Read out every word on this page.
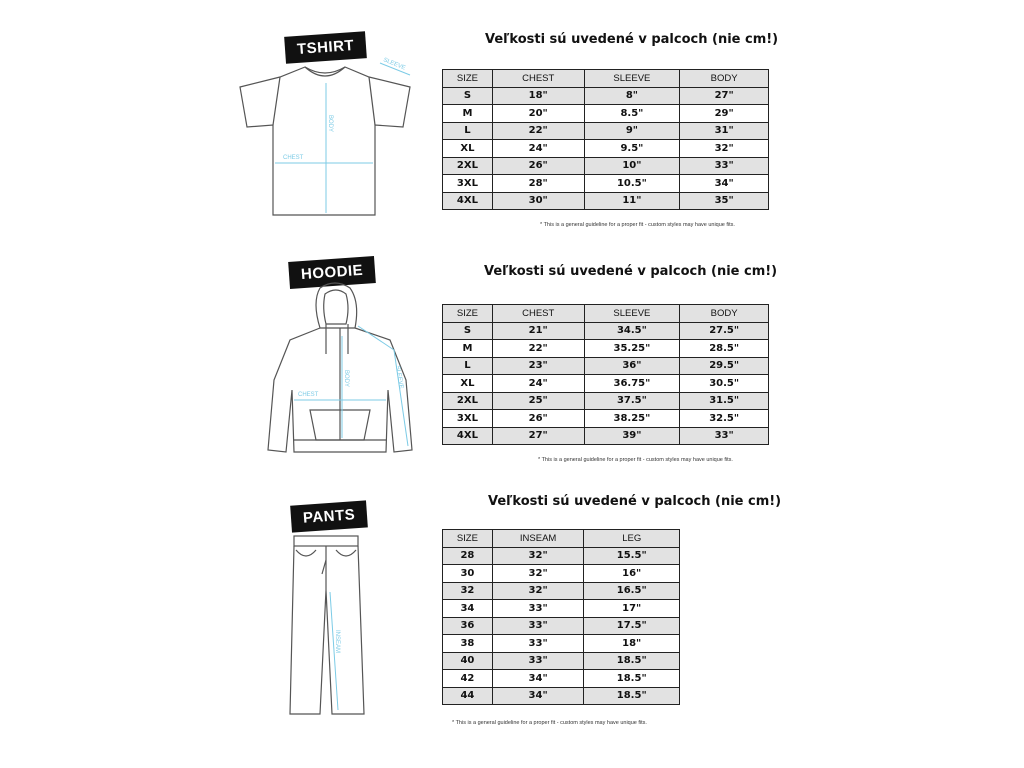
TSHIRT
CHEST
BODY
SLEEVE
Veľkosti sú uvedené v palcoch (nie cm!)
SIZE	CHEST	SLEEVE	BODY
S	18"	8"	27"
M	20"	8.5"	29"
L	22"	9"	31"
XL	24"	9.5"	32"
2XL	26"	10"	33"
3XL	28"	10.5"	34"
4XL	30"	11"	35"
* This is a general guideline for a proper fit - custom styles may have unique fits.
HOODIE
CHEST
BODY	SLEEVE
Veľkosti sú uvedené v palcoch (nie cm!)
SIZE	CHEST	SLEEVE	BODY
S	21"	34.5"	27.5"
M	22"	35.25"	28.5"
L	23"	36"	29.5"
XL	24"	36.75"	30.5"
2XL	25"	37.5"	31.5"
3XL	26"	38.25"	32.5"
4XL	27"	39"	33"
* This is a general guideline for a proper fit - custom styles may have unique fits.
PANTS
INSEAM
Veľkosti sú uvedené v palcoch (nie cm!)
SIZE	INSEAM	LEG
28	32"	15.5"
30	32"	16"
32	32"	16.5"
34	33"	17"
36	33"	17.5"
38	33"	18"
40	33"	18.5"
42	34"	18.5"
44	34"	18.5"
* This is a general guideline for a proper fit - custom styles may have unique fits.
